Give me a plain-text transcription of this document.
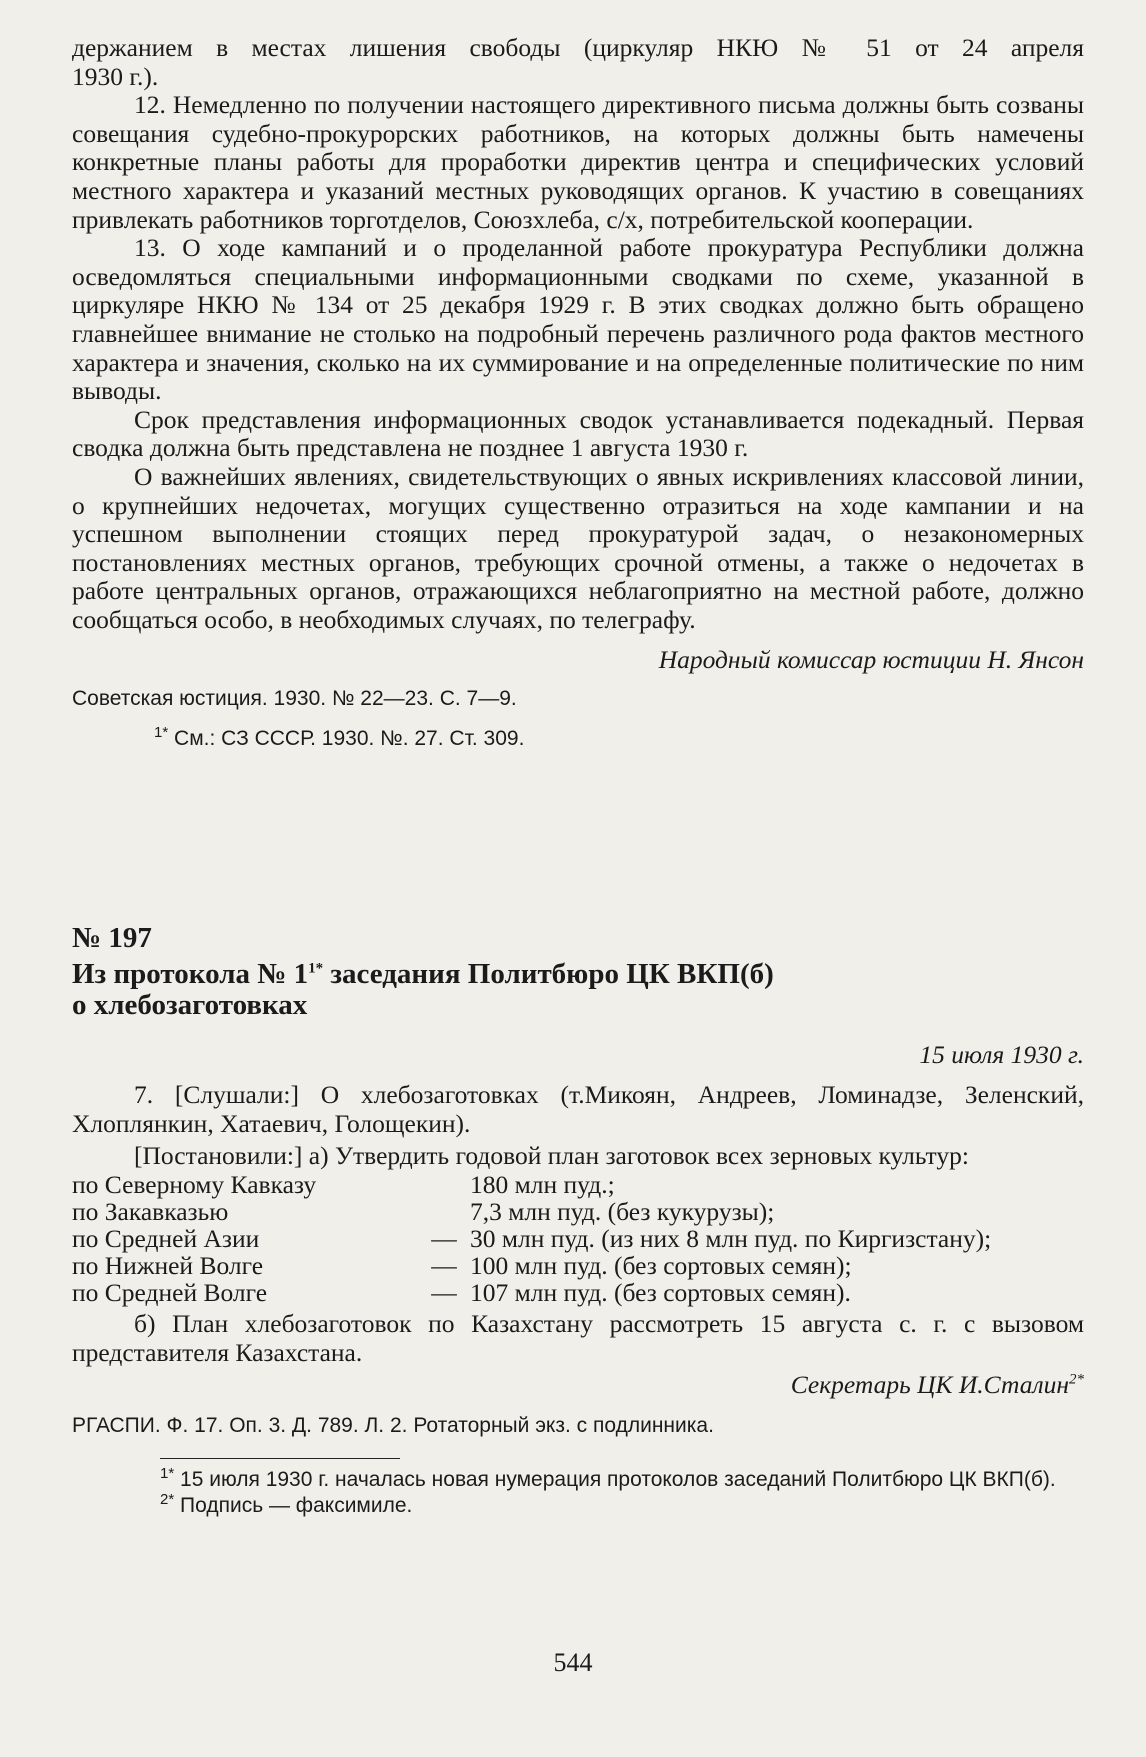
держанием в местах лишения свободы (циркуляр НКЮ № 51 от 24 апреля

1930 г.).

12. Немедленно по получении настоящего директивного письма должны быть созваны совещания судебно-прокурорских работников, на которых должны быть намечены конкретные планы работы для проработки директив центра и специфических условий местного характера и указаний местных руководящих органов. К участию в совещаниях привлекать работников торготделов, Союзхлеба, с/х, потребительской кооперации.

13. О ходе кампаний и о проделанной работе прокуратура Республики должна осведомляться специальными информационными сводками по схеме, указанной в циркуляре НКЮ № 134 от 25 декабря 1929 г. В этих сводках должно быть обращено главнейшее внимание не столько на подробный перечень различного рода фактов местного характера и значения, сколько на их суммирование и на определенные политические по ним выводы.

Срок представления информационных сводок устанавливается подекадный. Первая сводка должна быть представлена не позднее 1 августа 1930 г.

О важнейших явлениях, свидетельствующих о явных искривлениях классовой линии, о крупнейших недочетах, могущих существенно отразиться на ходе кампании и на успешном выполнении стоящих перед прокуратурой задач, о незакономерных постановлениях местных органов, требующих срочной отмены, а также о недочетах в работе центральных органов, отражающихся неблагоприятно на местной работе, должно сообщаться особо, в необходимых случаях, по телеграфу.

Народный комиссар юстиции Н. Янсон

Советская юстиция. 1930. № 22—23. С. 7—9.

$^{1*}$ См.: СЗ СССР. 1930. №. 27. Ст. 309.

№ 197

Из протокола № $1^{1*}$ заседания Политбюро ЦК ВКП(б)

о хлебозаготовках

15 июля 1930 г.

7. [Слушали:] О хлебозаготовках (т.Микоян, Андреев, Ломинадзе, Зеленский, Хлоплянкин, Хатаевич, Голощекин).

[Постановили:] а) Утвердить годовой план заготовок всех зерновых культур:

по Северному Кавказу		180 млн пуд.;
по Закавказью		7,3 млн пуд. (без кукурузы);
по Средней Азии	—	30 млн пуд. (из них 8 млн пуд. по Киргизстану);
по Нижней Волге	—	100 млн пуд. (без сортовых семян);
по Средней Волге	—	107 млн пуд. (без сортовых семян).

б) План хлебозаготовок по Казахстану рассмотреть 15 августа с. г. с вызовом представителя Казахстана.

Секретарь ЦК И.Сталин$^{2*}$

РГАСПИ. Ф. 17. Оп. 3. Д. 789. Л. 2. Ротаторный экз. с подлинника.

$^{1*}$ 15 июля 1930 г. началась новая нумерация протоколов заседаний Политбюро ЦК ВКП(б).

$^{2*}$ Подпись — факсимиле.

544
